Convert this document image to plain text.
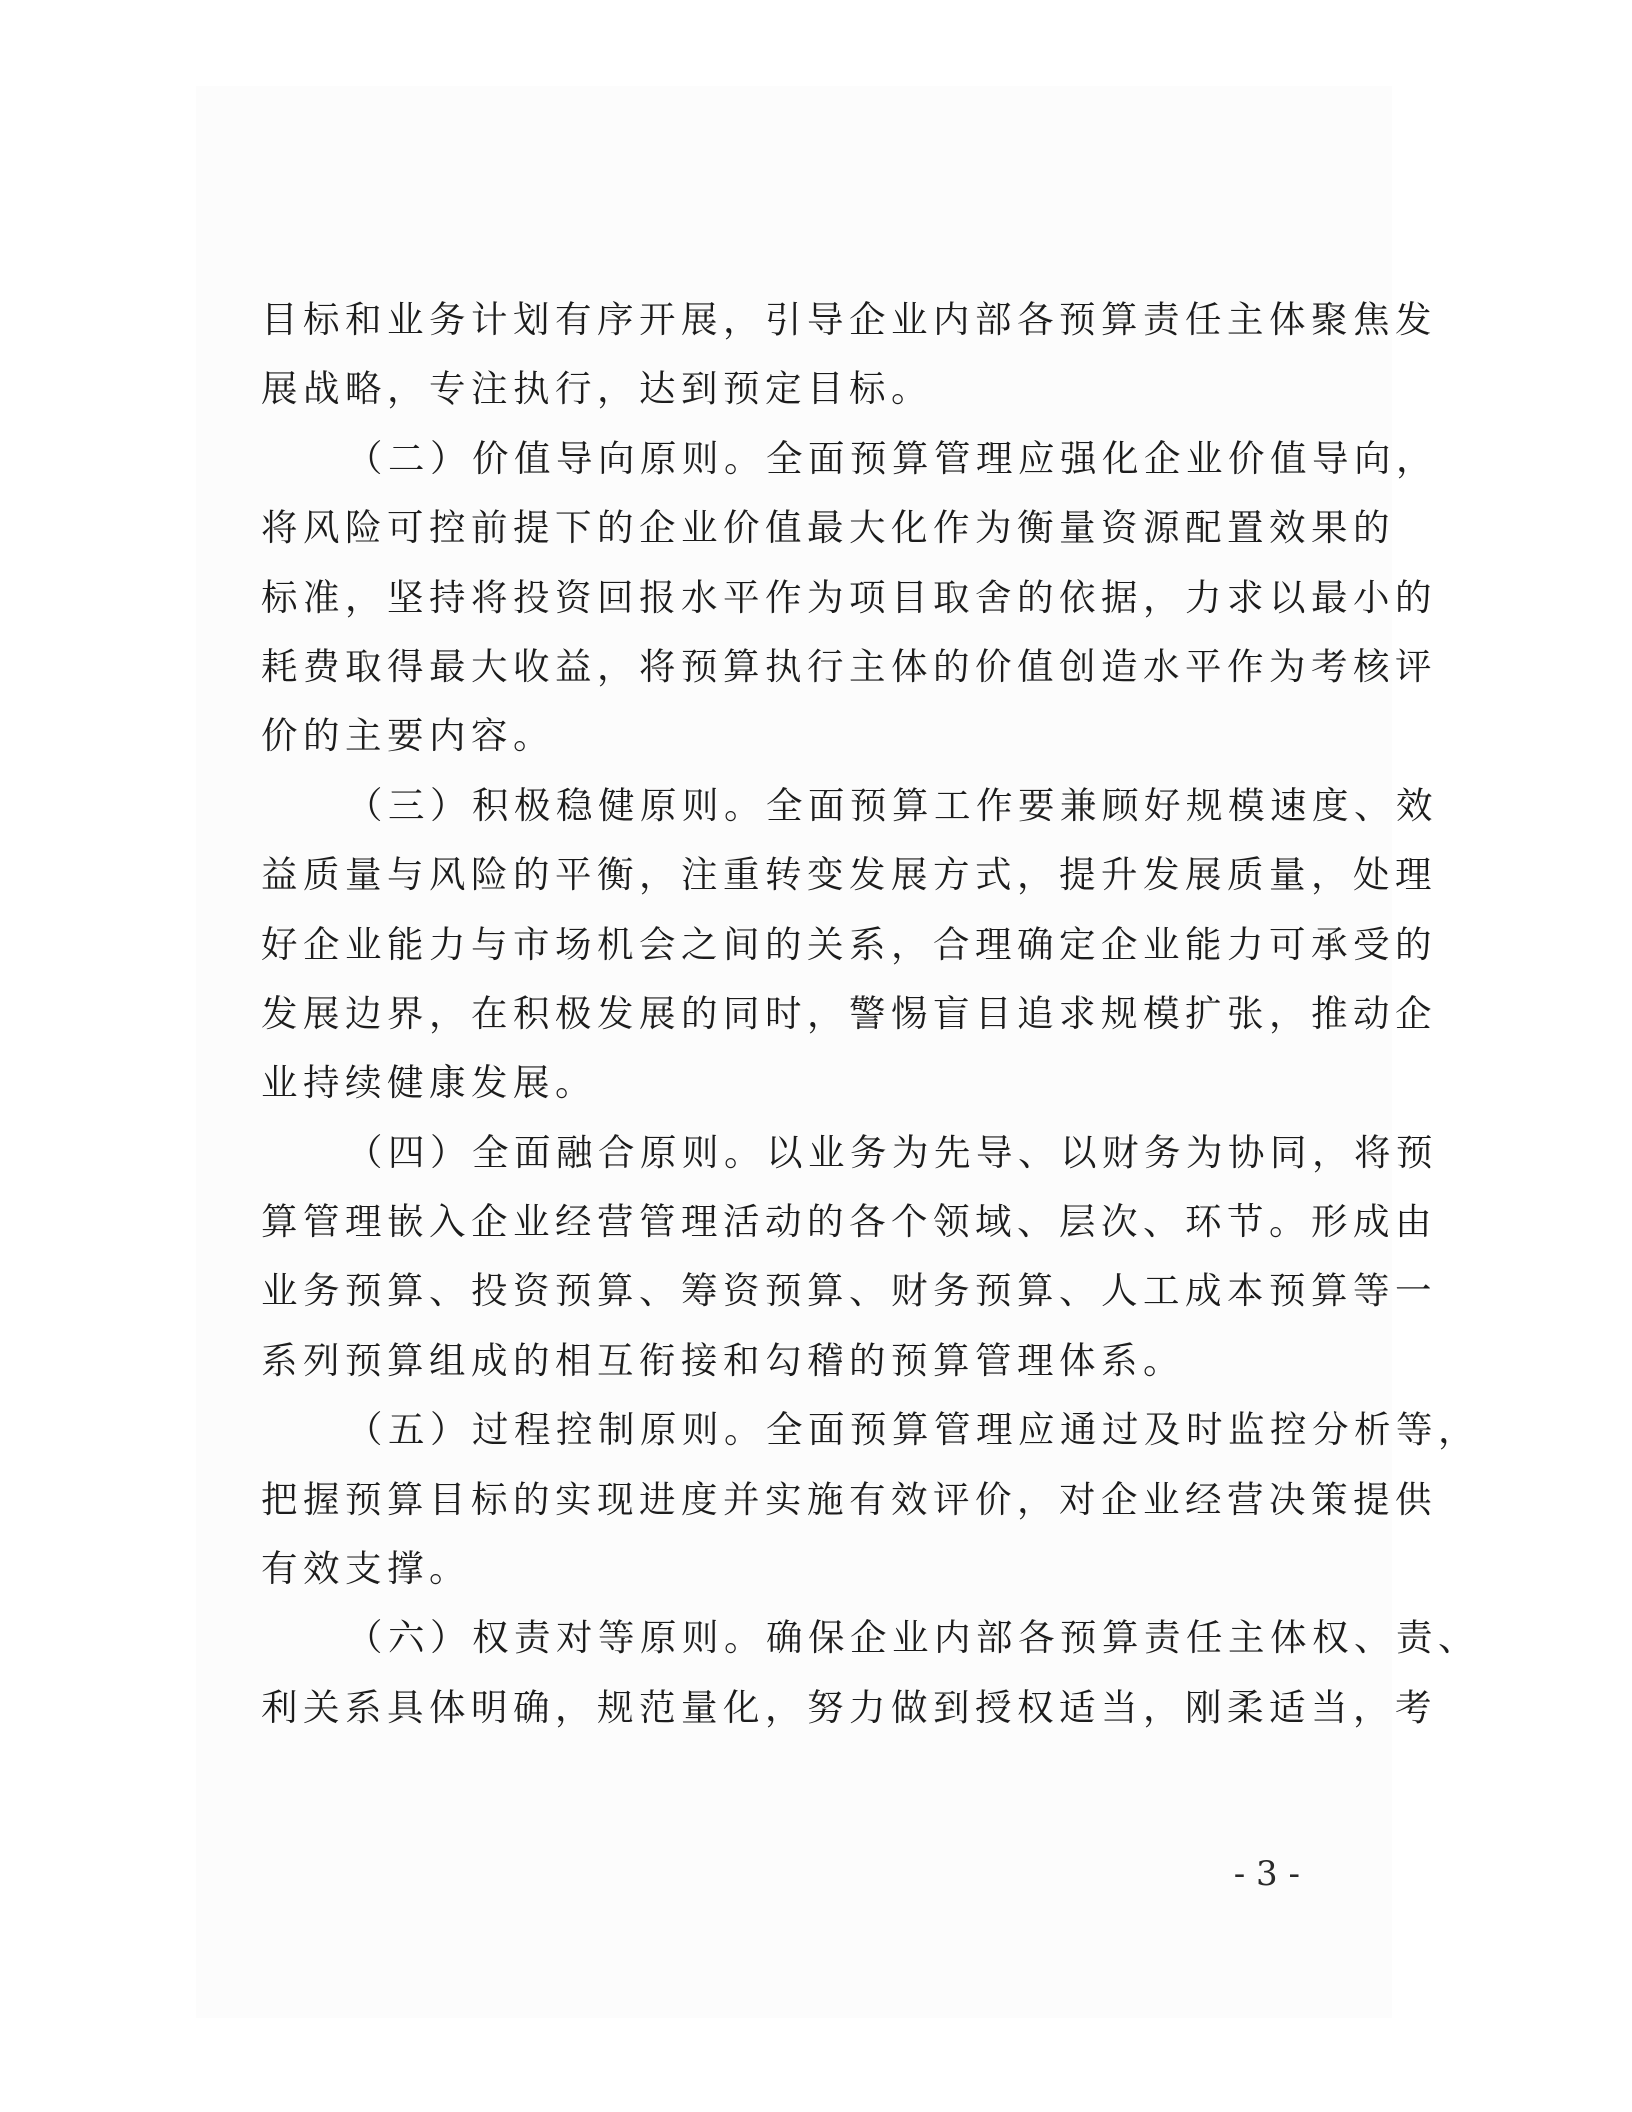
目标和业务计划有序开展，引导企业内部各预算责任主体聚焦发
展战略，专注执行，达到预定目标。
（二）价值导向原则。全面预算管理应强化企业价值导向，
将风险可控前提下的企业价值最大化作为衡量资源配置效果的
标准，坚持将投资回报水平作为项目取舍的依据，力求以最小的
耗费取得最大收益，将预算执行主体的价值创造水平作为考核评
价的主要内容。
（三）积极稳健原则。全面预算工作要兼顾好规模速度、效
益质量与风险的平衡，注重转变发展方式，提升发展质量，处理
好企业能力与市场机会之间的关系，合理确定企业能力可承受的
发展边界，在积极发展的同时，警惕盲目追求规模扩张，推动企
业持续健康发展。
（四）全面融合原则。以业务为先导、以财务为协同，将预
算管理嵌入企业经营管理活动的各个领域、层次、环节。形成由
业务预算、投资预算、筹资预算、财务预算、人工成本预算等一
系列预算组成的相互衔接和勾稽的预算管理体系。
（五）过程控制原则。全面预算管理应通过及时监控分析等，
把握预算目标的实现进度并实施有效评价，对企业经营决策提供
有效支撑。
（六）权责对等原则。确保企业内部各预算责任主体权、责、
利关系具体明确，规范量化，努力做到授权适当，刚柔适当，考
- 3 -
